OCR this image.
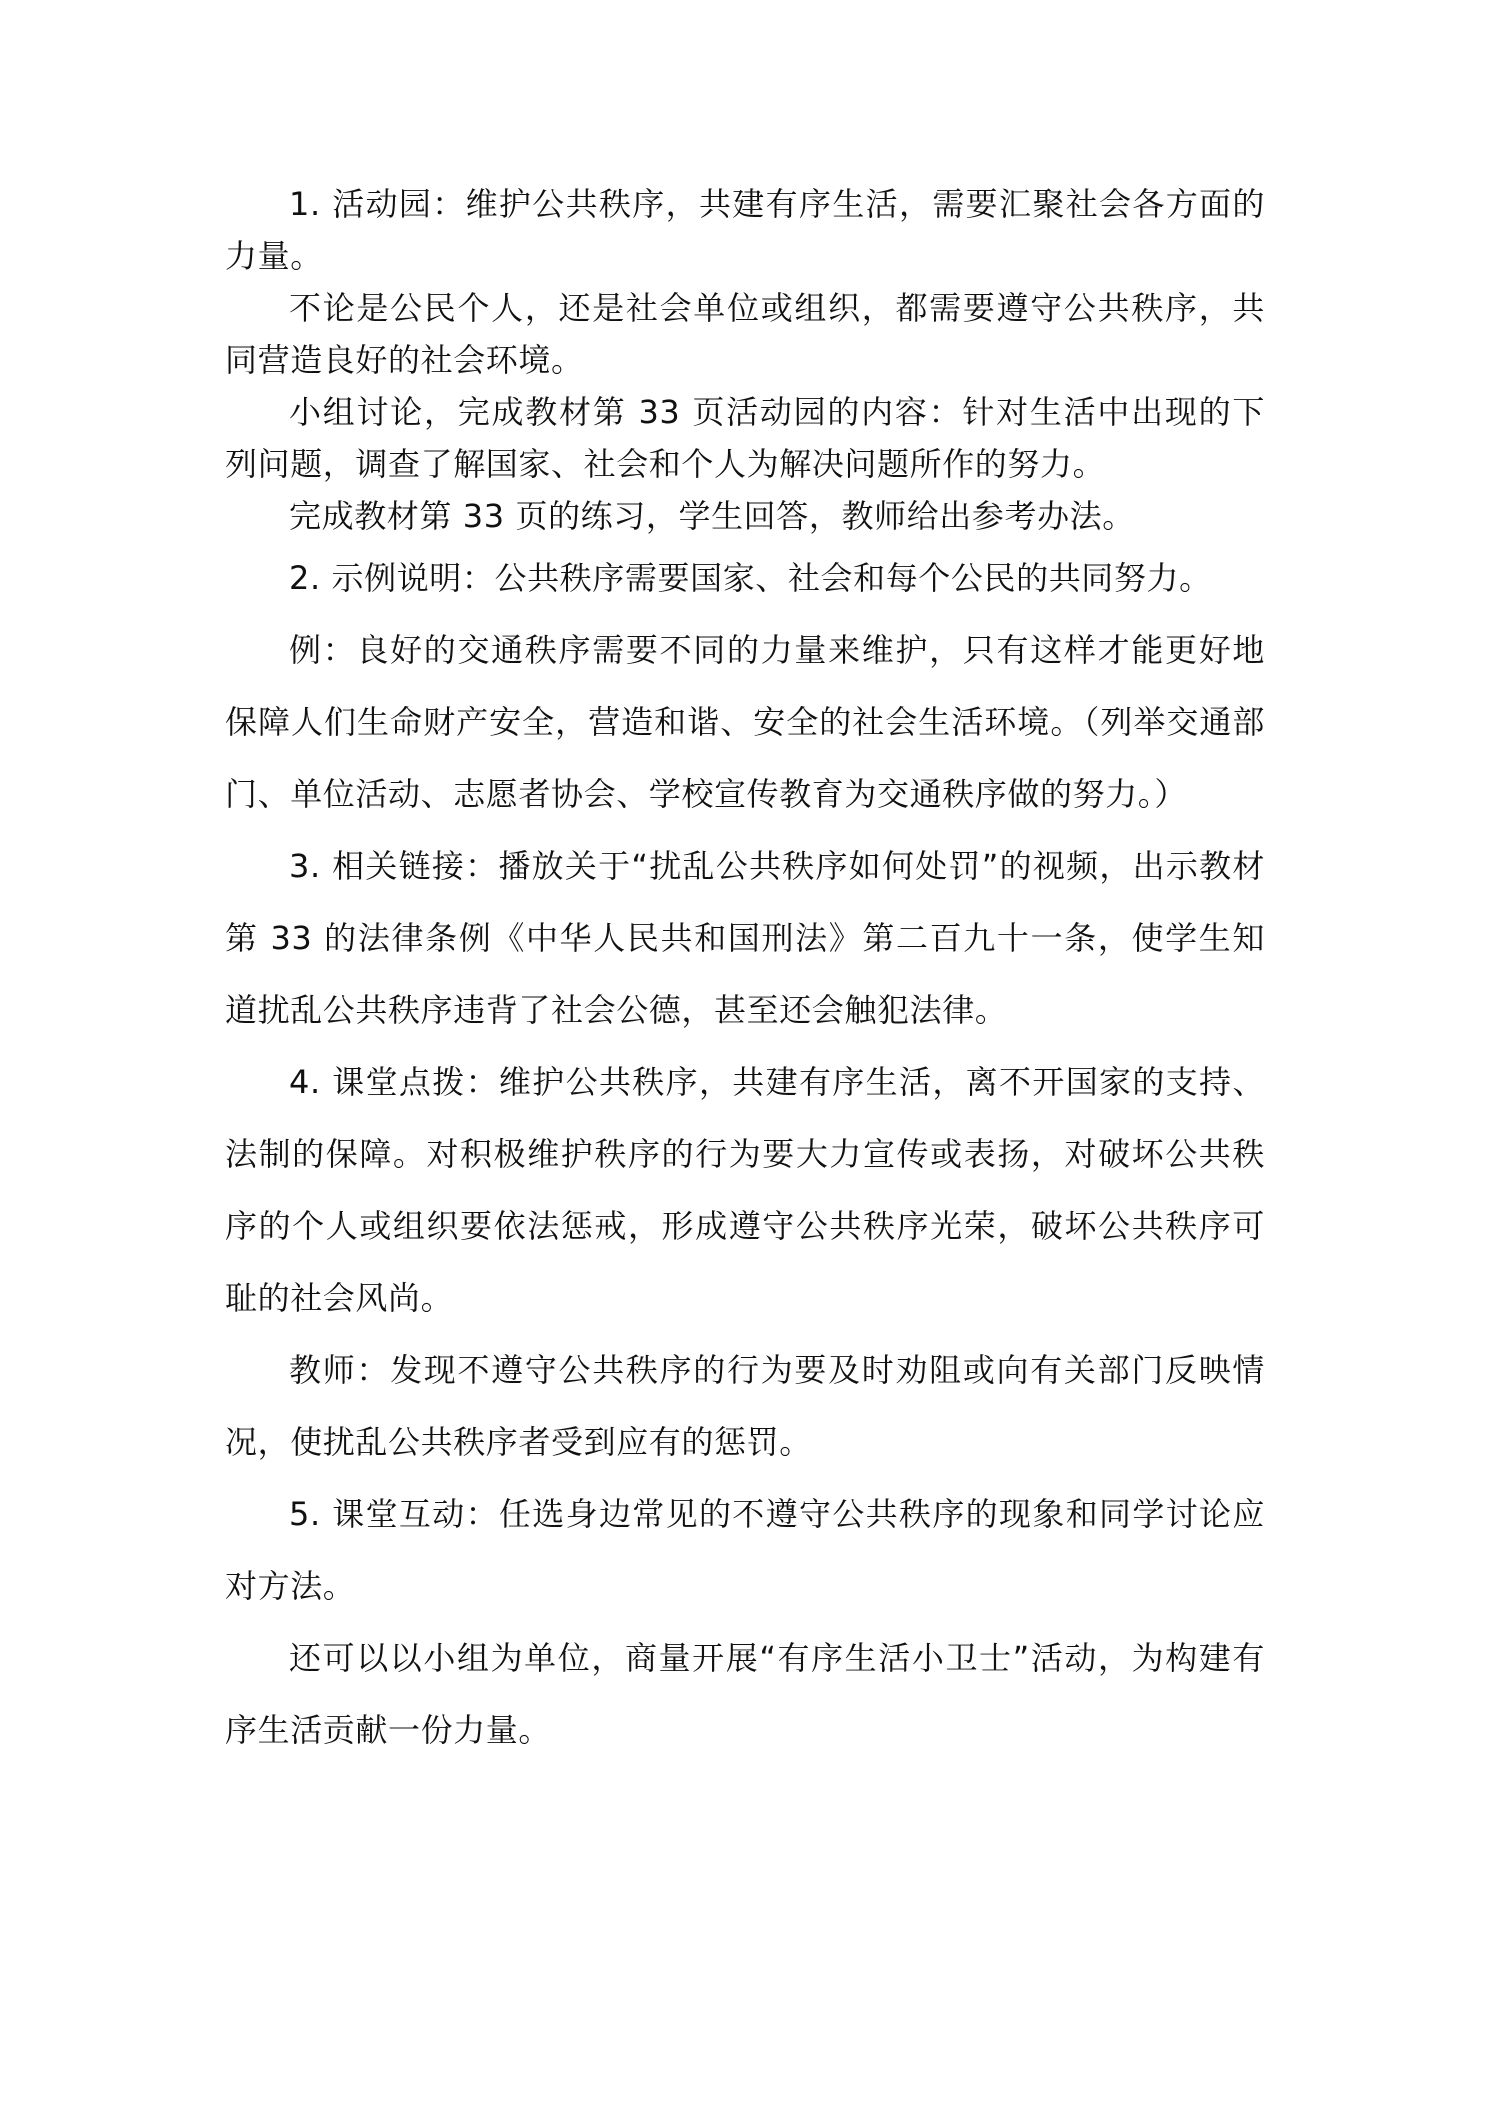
1. 活动园：维护公共秩序，共建有序生活，需要汇聚社会各方面的力量。

不论是公民个人，还是社会单位或组织，都需要遵守公共秩序，共同营造良好的社会环境。

小组讨论，完成教材第 33 页活动园的内容：针对生活中出现的下列问题，调查了解国家、社会和个人为解决问题所作的努力。

完成教材第 33 页的练习，学生回答，教师给出参考办法。

2. 示例说明：公共秩序需要国家、社会和每个公民的共同努力。

例：良好的交通秩序需要不同的力量来维护，只有这样才能更好地保障人们生命财产安全，营造和谐、安全的社会生活环境。（列举交通部门、单位活动、志愿者协会、学校宣传教育为交通秩序做的努力。）

3. 相关链接：播放关于“扰乱公共秩序如何处罚”的视频，出示教材第 33 的法律条例《中华人民共和国刑法》第二百九十一条，使学生知道扰乱公共秩序违背了社会公德，甚至还会触犯法律。

4. 课堂点拨：维护公共秩序，共建有序生活，离不开国家的支持、法制的保障。对积极维护秩序的行为要大力宣传或表扬，对破坏公共秩序的个人或组织要依法惩戒，形成遵守公共秩序光荣，破坏公共秩序可耻的社会风尚。

教师：发现不遵守公共秩序的行为要及时劝阻或向有关部门反映情况，使扰乱公共秩序者受到应有的惩罚。

5. 课堂互动：任选身边常见的不遵守公共秩序的现象和同学讨论应对方法。

还可以以小组为单位，商量开展“有序生活小卫士”活动，为构建有序生活贡献一份力量。
